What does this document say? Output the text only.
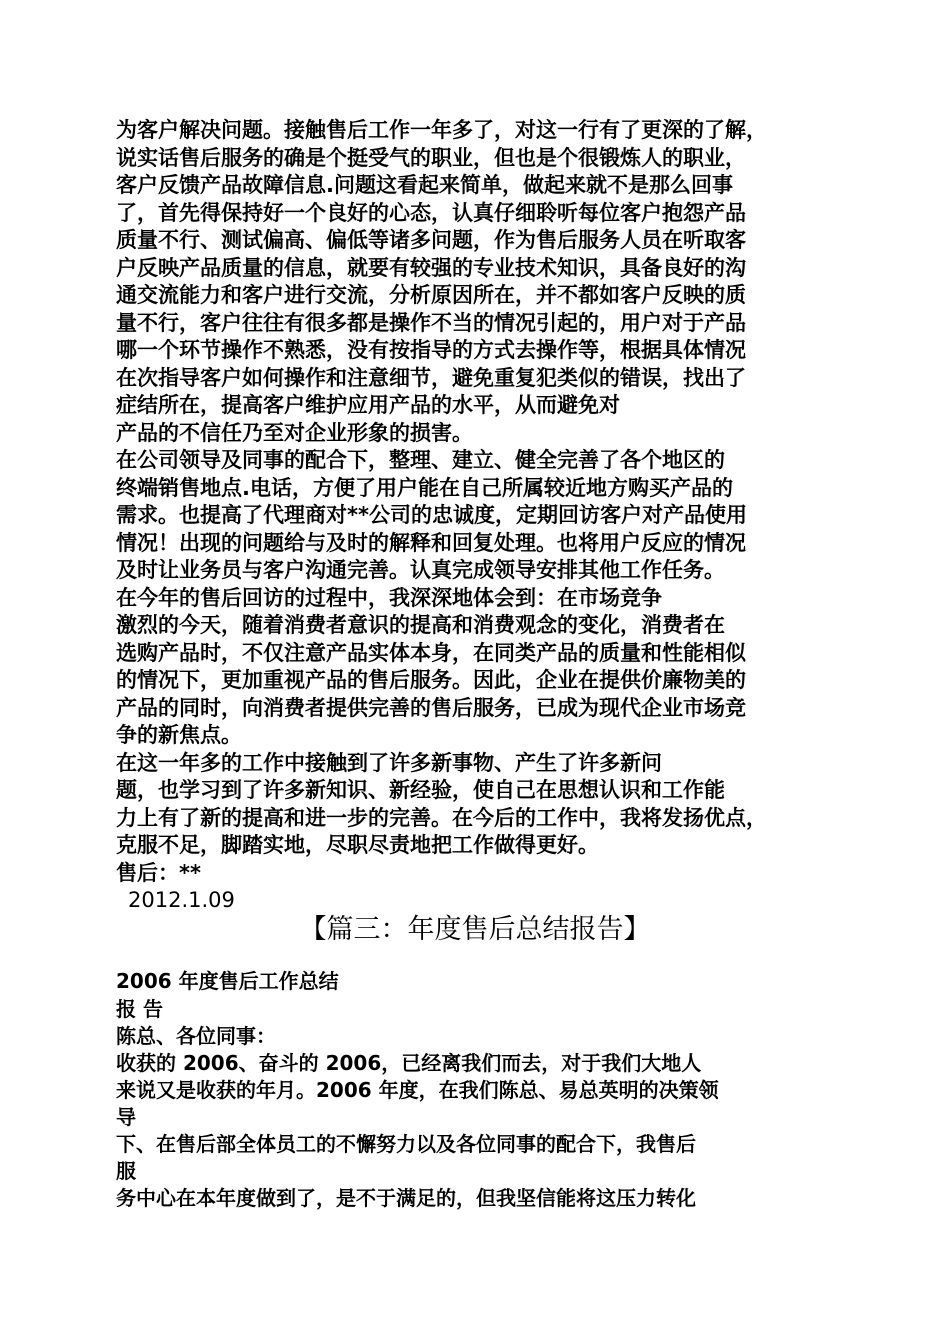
为客户解决问题。接触售后工作一年多了，对这一行有了更深的了解，

说实话售后服务的确是个挺受气的职业，但也是个很锻炼人的职业，

客户反馈产品故障信息.问题这看起来简单，做起来就不是那么回事

了，首先得保持好一个良好的心态，认真仔细聆听每位客户抱怨产品

质量不行、测试偏高、偏低等诸多问题，作为售后服务人员在听取客

户反映产品质量的信息，就要有较强的专业技术知识，具备良好的沟

通交流能力和客户进行交流，分析原因所在，并不都如客户反映的质

量不行，客户往往有很多都是操作不当的情况引起的，用户对于产品

哪一个环节操作不熟悉，没有按指导的方式去操作等，根据具体情况

在次指导客户如何操作和注意细节，避免重复犯类似的错误，找出了

症结所在，提高客户维护应用产品的水平，从而避免对

产品的不信任乃至对企业形象的损害。

在公司领导及同事的配合下，整理、建立、健全完善了各个地区的

终端销售地点.电话，方便了用户能在自己所属较近地方购买产品的

需求。也提高了代理商对**公司的忠诚度，定期回访客户对产品使用

情况！出现的问题给与及时的解释和回复处理。也将用户反应的情况

及时让业务员与客户沟通完善。认真完成领导安排其他工作任务。

在今年的售后回访的过程中，我深深地体会到：在市场竞争

激烈的今天，随着消费者意识的提高和消费观念的变化，消费者在

选购产品时，不仅注意产品实体本身，在同类产品的质量和性能相似

的情况下，更加重视产品的售后服务。因此，企业在提供价廉物美的

产品的同时，向消费者提供完善的售后服务，已成为现代企业市场竞

争的新焦点。

在这一年多的工作中接触到了许多新事物、产生了许多新问

题，也学习到了许多新知识、新经验，使自己在思想认识和工作能

力上有了新的提高和进一步的完善。在今后的工作中，我将发扬优点，

克服不足，脚踏实地，尽职尽责地把工作做得更好。

售后：**

2012.1.09

【篇三：年度售后总结报告】

2006 年度售后工作总结

报 告

陈总、各位同事：

收获的 2006、奋斗的 2006，已经离我们而去，对于我们大地人

来说又是收获的年月。2006 年度，在我们陈总、易总英明的决策领

导

下、在售后部全体员工的不懈努力以及各位同事的配合下，我售后

服

务中心在本年度做到了，是不于满足的，但我坚信能将这压力转化
